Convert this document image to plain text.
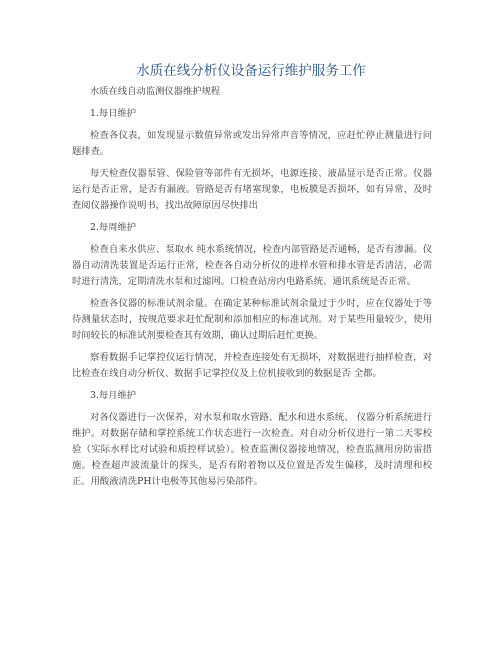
水质在线分析仪设备运行维护服务工作

水质在线自动监测仪器维护规程

1.每日维护

检查各仪表，如发现显示数值异常或发出异常声音等情况，应赶忙停止测量进行问题排查。

每天检查仪器泵管、保险管等部件有无损坏，电源连接、液晶显示是否正常。仪器运行是否正常，是否有漏液。管路是否有堵塞现象，电板膜是否损坏，如有异常，及时查阅仪器操作说明书，找出故障原因尽快排出

2.每周维护

检查自来水供应、泵取水 纯水系统情况，检查内部管路是否通畅，是否有渗漏。仪器自动清洗装置是否运行正常，检查各自动分析仪的进样水管和排水管是否清洁，必需时进行清洗，定期清洗水泵和过滤网。口检查站房内电路系统、通讯系统是否正常。

检查各仪器的标准试剂余量。在确定某种标准试剂余量过于少时，应在仪器处于等待测量状态时，按规范要求赶忙配制和添加相应的标准试剂。对于某些用量较少，使用时间较长的标准试剂要检查其有效期，确认过期后赶忙更换。

察看数据手记掌控仪运行情况，并检查连接处有无损坏，对数据进行抽样检查，对比检查在线自动分析仪、数据手记掌控仪及上位机接收到的数据是否 全都。

3.每月维护

对各仪器进行一次保养，对水泵和取水管路、配水和进水系统、 仪器分析系统进行维护。对数据存储和掌控系统工作状态进行一次检查。对自动分析仪进行一第二天零校验（实际水样比对试验和质控样试验）。检查监测仪器接地情况，检查监测用房防雷措施。检查超声波流量计的探头，是否有附着物以及位置是否发生偏移，及时清理和校正。用酸液清洗PH计电极等其他易污染部件。
